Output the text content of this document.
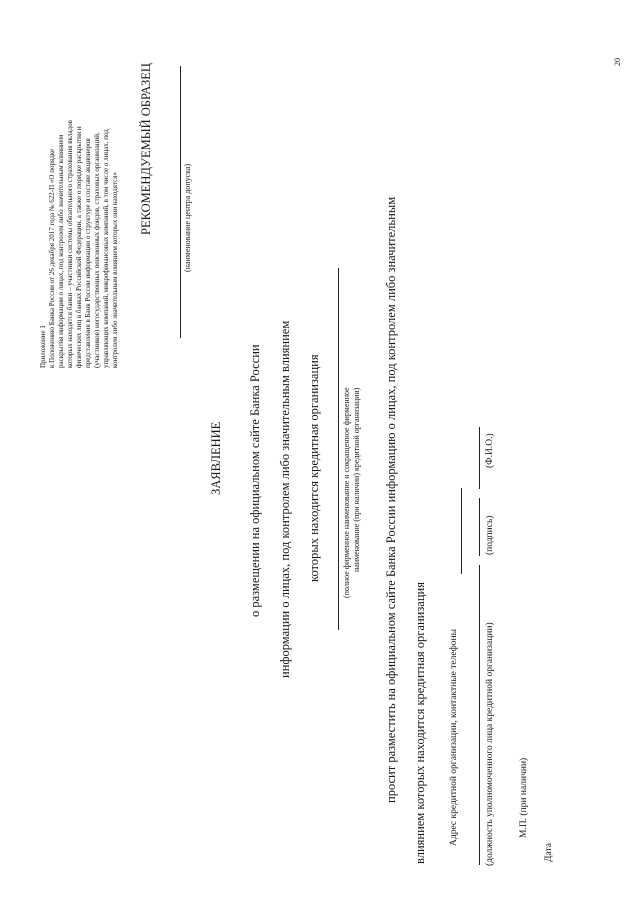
20
Приложение 1 к Положению Банка России от 26 декабря 2017 года № 622-П «О порядке раскрытия информации о лицах, под контролем либо значительным влиянием которых находятся банки – участники системы обязательного страхования вкладов физических лиц в банках Российской Федерации, а также о порядке раскрытия и представления в Банк России информации о структуре и составе акционеров (участников) негосударственных пенсионных фондов, страховых организаций, управляющих компаний, микрофинансовых компаний, в том числе о лицах, под контролем либо значительным влиянием которых они находятся»
РЕКОМЕНДУЕМЫЙ ОБРАЗЕЦ	(наименование центра допуска)
ЗАЯВЛЕНИЕ о размещении на официальном сайте Банка России информации о лицах, под контролем либо значительным влиянием которых находится кредитная организация	(полное фирменное наименование и сокращенное фирменное наименование (при наличии) кредитной организации) просит разместить на официальном сайте Банка России информацию о лицах, под контролем либо значительным влиянием которых находится кредитная организация Адрес кредитной организации, контактные телефоны	(должность уполномоченного лица кредитной организации)
(подпись)
(Ф.И.О.)
М.П. (при наличии)
Дата
